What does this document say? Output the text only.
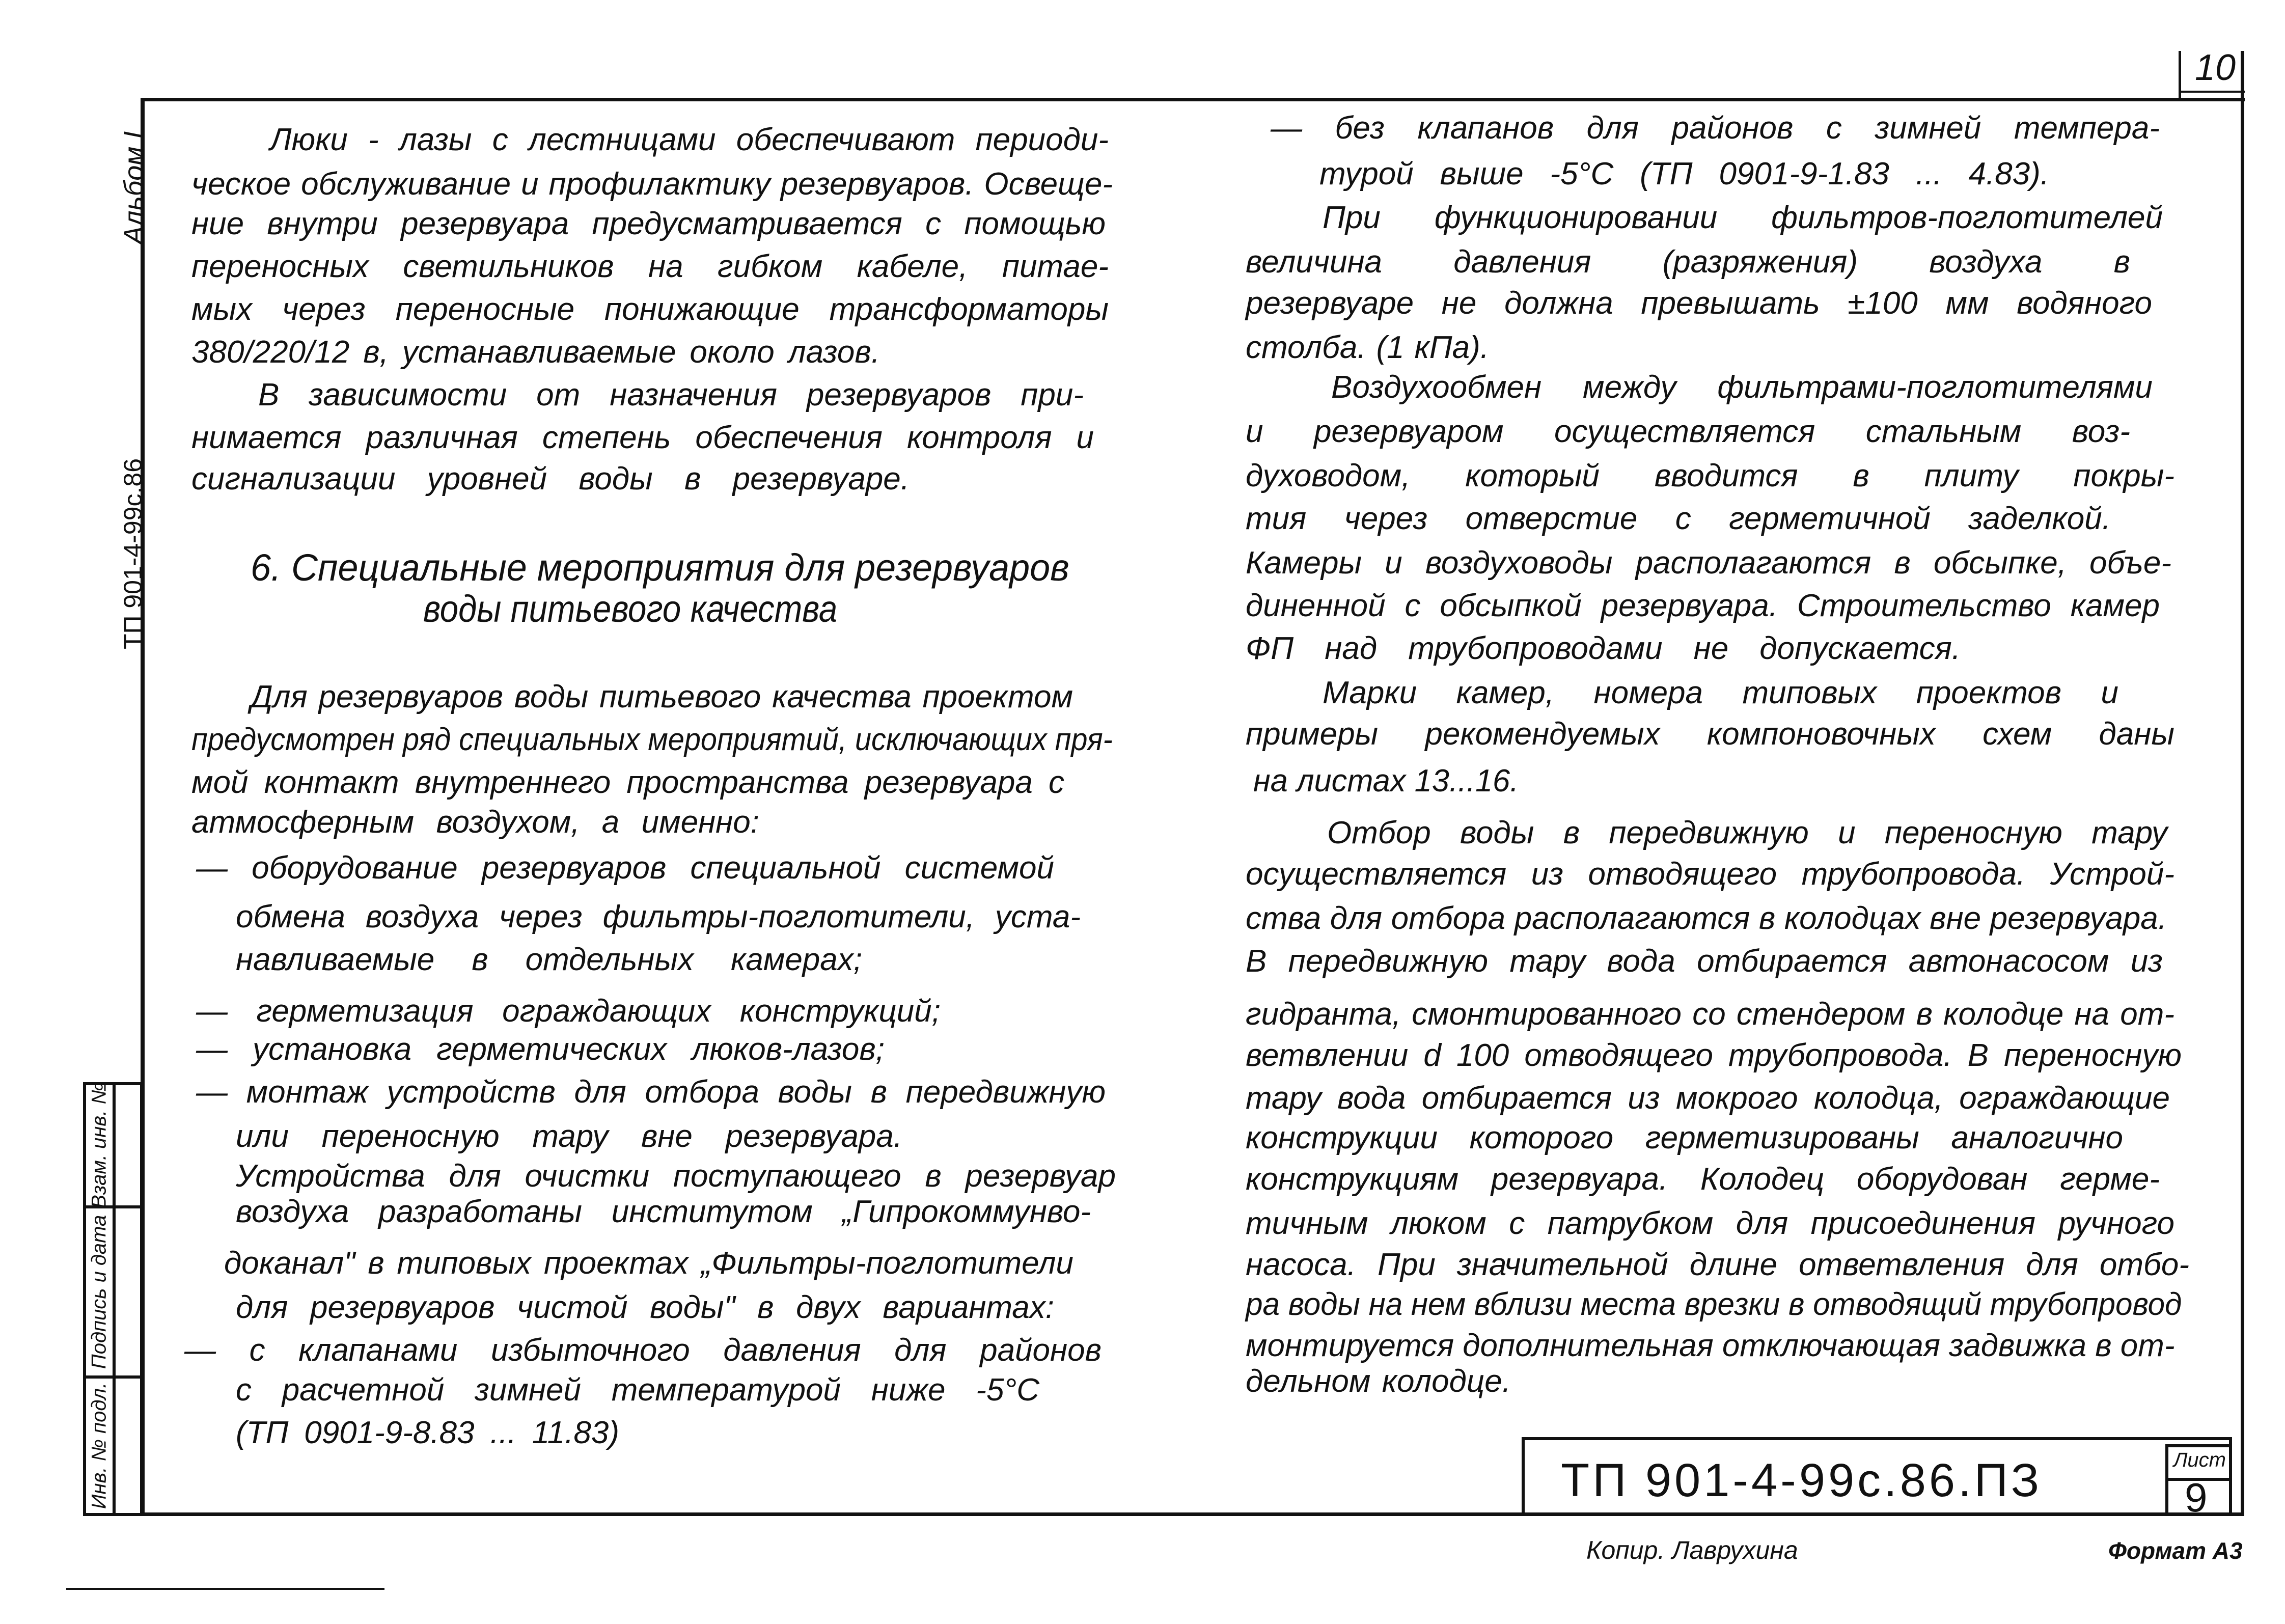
10
Альбом I
ТП 901-4-99с.86
Взам. инв. №
Подпись и дата
Инв. № подл.
Люки - лазы с лестницами обеспечивают периоди-
ческое обслуживание и профилактику резервуаров. Освеще-
ние внутри резервуара предусматривается с помощью
переносных светильников на гибком кабеле, питае-
мых через переносные понижающие трансформаторы
380/220/12 в, устанавливаемые около лазов.
В зависимости от назначения резервуаров при-
нимается различная степень обеспечения контроля и
сигнализации уровней воды в резервуаре.
6. Специальные мероприятия для резервуаров
воды питьевого качества
Для резервуаров воды питьевого качества проектом
предусмотрен ряд специальных мероприятий, исключающих пря-
мой контакт внутреннего пространства резервуара с
атмосферным воздухом, а именно:
— оборудование резервуаров специальной системой
обмена воздуха через фильтры-поглотители, уста-
навливаемые в отдельных камерах;
— герметизация ограждающих конструкций;
— установка герметических люков-лазов;
— монтаж устройств для отбора воды в передвижную
или переносную тару вне резервуара.
Устройства для очистки поступающего в резервуар
воздуха разработаны институтом „Гипрокоммунво-
доканал" в типовых проектах „Фильтры-поглотители
для резервуаров чистой воды" в двух вариантах:
— с клапанами избыточного давления для районов
с расчетной зимней температурой ниже -5°С
(ТП 0901-9-8.83 ... 11.83)
— без клапанов для районов с зимней темпера-
турой выше -5°С (ТП 0901-9-1.83 ... 4.83).
При функционировании фильтров-поглотителей
величина давления (разряжения) воздуха в
резервуаре не должна превышать ±100 мм водяного
столба. (1 кПа).
Воздухообмен между фильтрами-поглотителями
и резервуаром осуществляется стальным воз-
духоводом, который вводится в плиту покры-
тия через отверстие с герметичной заделкой.
Камеры и воздуховоды располагаются в обсыпке, объе-
диненной с обсыпкой резервуара. Строительство камер
ФП над трубопроводами не допускается.
Марки камер, номера типовых проектов и
примеры рекомендуемых компоновочных схем даны
на листах 13...16.
Отбор воды в передвижную и переносную тару
осуществляется из отводящего трубопровода. Устрой-
ства для отбора располагаются в колодцах вне резервуара.
В передвижную тару вода отбирается автонасосом из
гидранта, смонтированного со стендером в колодце на от-
ветвлении d 100 отводящего трубопровода. В переносную
тару вода отбирается из мокрого колодца, ограждающие
конструкции которого герметизированы аналогично
конструкциям резервуара. Колодец оборудован герме-
тичным люком с патрубком для присоединения ручного
насоса. При значительной длине ответвления для отбо-
ра воды на нем вблизи места врезки в отводящий трубопровод
монтируется дополнительная отключающая задвижка в от-
дельном колодце.
ТП 901-4-99с.86.ПЗ	Лист
9
Копир. Лаврухина	Формат А3
